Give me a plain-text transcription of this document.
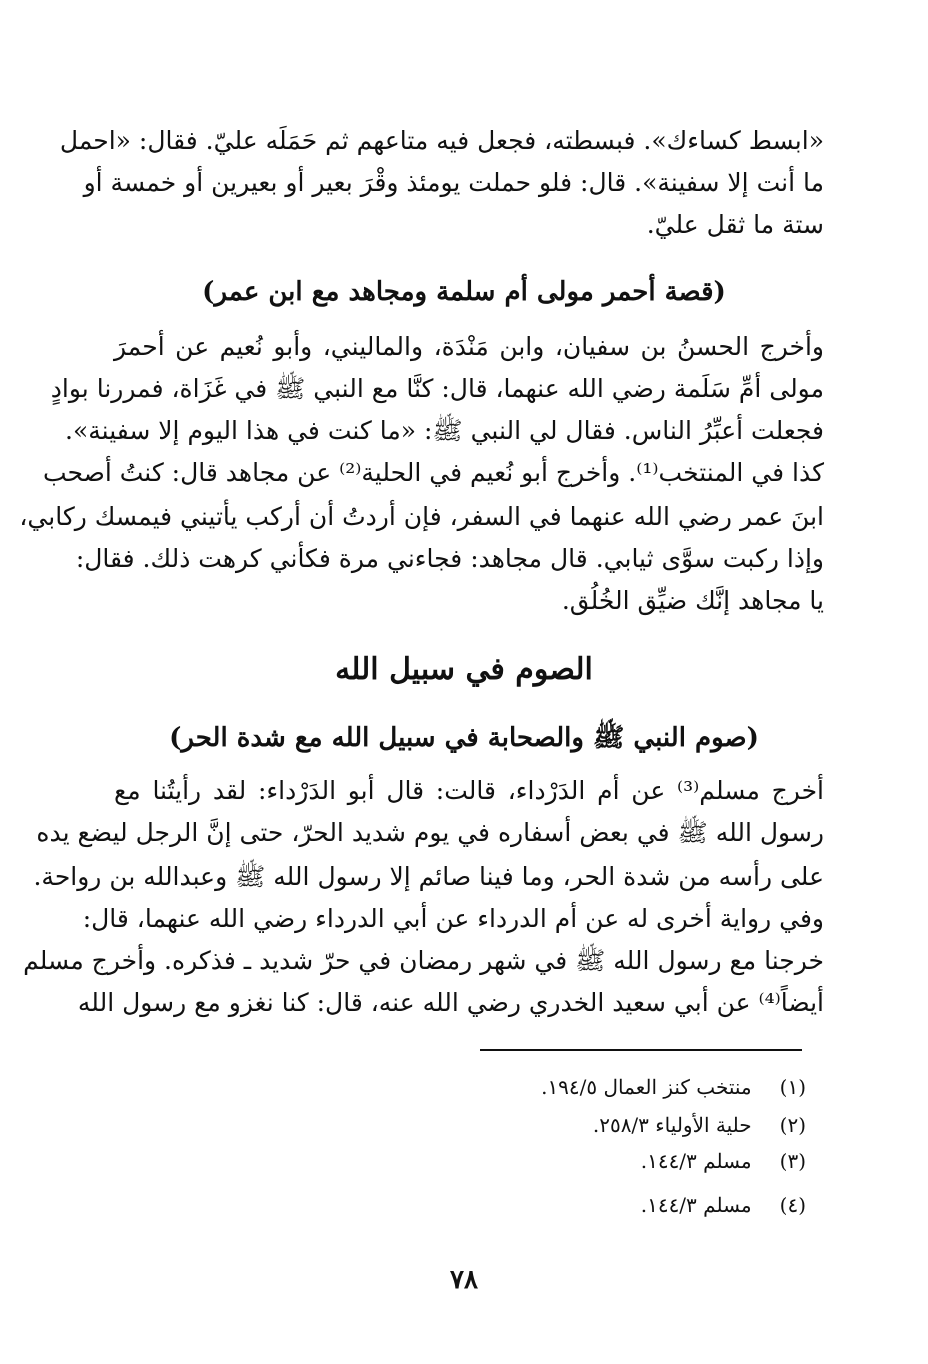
«ابسط كساءك». فبسطته، فجعل فيه متاعهم ثم حَمَلَه عليّ. فقال: «احمل
ما أنت إلا سفينة». قال: فلو حملت يومئذ وقْرَ بعير أو بعيرين أو خمسة أو
ستة ما ثقل عليّ.
(قصة أحمر مولى أم سلمة ومجاهد مع ابن عمر)
وأخرج الحسنُ بن سفيان، وابن مَنْدَة، والماليني، وأبو نُعيم عن أحمرَ
مولى أمِّ سَلَمة رضي الله عنهما، قال: كنَّا مع النبي ﷺ في غَزَاة، فمررنا بوادٍ
فجعلت أعبِّرُ الناس. فقال لي النبي ﷺ: «ما كنت في هذا اليوم إلا سفينة».
كذا في المنتخب⁽¹⁾. وأخرج أبو نُعيم في الحلية⁽²⁾ عن مجاهد قال: كنتُ أصحب
ابنَ عمر رضي الله عنهما في السفر، فإن أردتُ أن أركب يأتيني فيمسك ركابي،
وإذا ركبت سوَّى ثيابي. قال مجاهد: فجاءني مرة فكأني كرهت ذلك. فقال:
يا مجاهد إنَّك ضيِّق الخُلُق.
الصوم في سبيل الله
(صوم النبي ﷺ والصحابة في سبيل الله مع شدة الحر)
أخرج مسلم⁽³⁾ عن أم الدَرْداء، قالت: قال أبو الدَرْداء: لقد رأيتُنا مع
رسول الله ﷺ في بعض أسفاره في يوم شديد الحرّ، حتى إنَّ الرجل ليضع يده
على رأسه من شدة الحر، وما فينا صائم إلا رسول الله ﷺ وعبدالله بن رواحة.
وفي رواية أخرى له عن أم الدرداء عن أبي الدرداء رضي الله عنهما، قال:
خرجنا مع رسول الله ﷺ في شهر رمضان في حرّ شديد ـ فذكره. وأخرج مسلم
أيضاً⁽⁴⁾ عن أبي سعيد الخدري رضي الله عنه، قال: كنا نغزو مع رسول الله
(١) منتخب كنز العمال ١٩٤/٥.
(٢) حلية الأولياء ٢٥٨/٣.
(٣) مسلم ١٤٤/٣.
(٤) مسلم ١٤٤/٣.
٧٨
